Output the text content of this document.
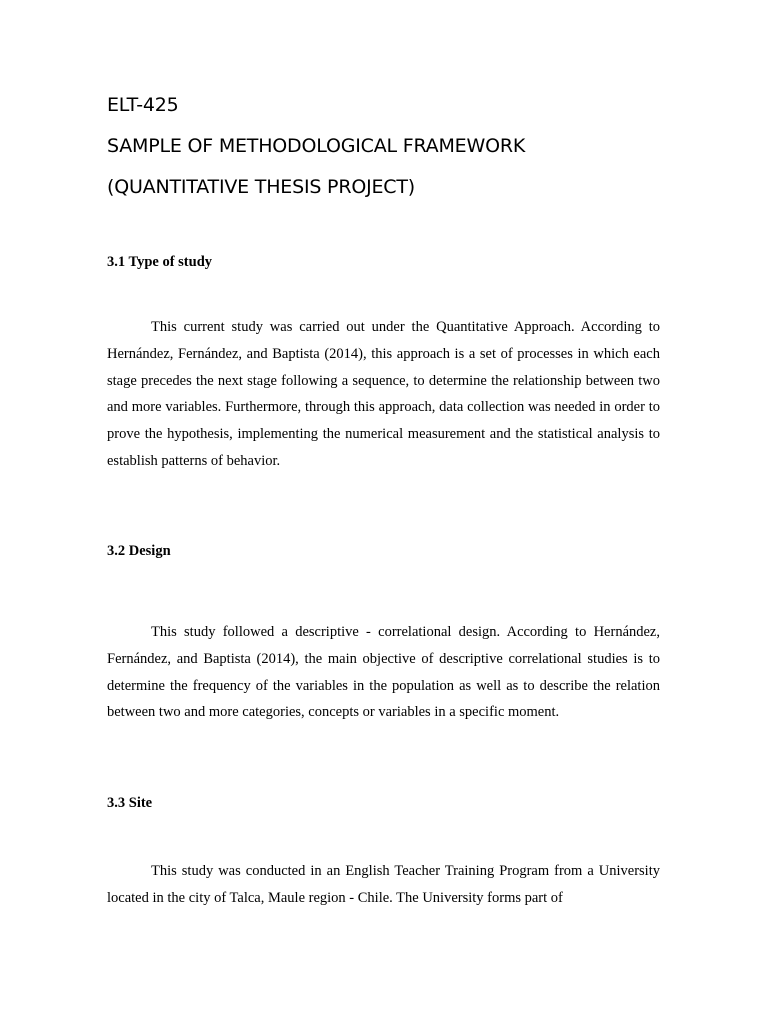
ELT-425
SAMPLE OF METHODOLOGICAL FRAMEWORK
(QUANTITATIVE THESIS PROJECT)
3.1 Type of study

This current study was carried out under the Quantitative Approach. According to Hernández, Fernández, and Baptista (2014), this approach is a set of processes in which each stage precedes the next stage following a sequence, to determine the relationship between two and more variables. Furthermore, through this approach, data collection was needed in order to prove the hypothesis, implementing the numerical measurement and the statistical analysis to establish patterns of behavior.

3.2 Design

This study followed a descriptive - correlational design. According to Hernández, Fernández, and Baptista (2014), the main objective of descriptive correlational studies is to determine the frequency of the variables in the population as well as to describe the relation between two and more categories, concepts or variables in a specific moment.

3.3 Site

This study was conducted in an English Teacher Training Program from a University located in the city of Talca, Maule region - Chile. The University forms part of
